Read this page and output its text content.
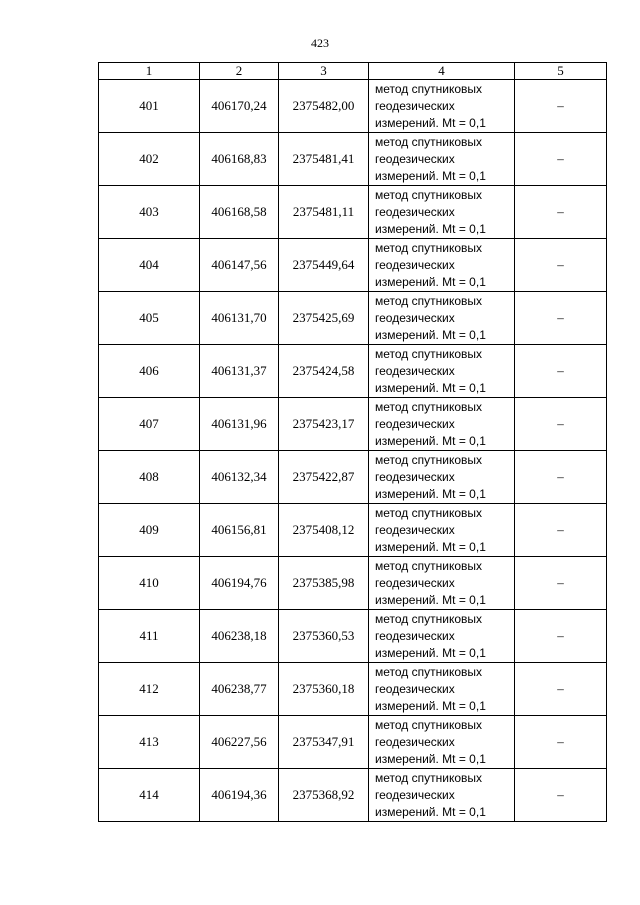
423
1	2	3	4	5
401	406170,24	2375482,00	метод спутниковых
геодезических
измерений. Mt = 0,1	–
402	406168,83	2375481,41	метод спутниковых
геодезических
измерений. Mt = 0,1	–
403	406168,58	2375481,11	метод спутниковых
геодезических
измерений. Mt = 0,1	–
404	406147,56	2375449,64	метод спутниковых
геодезических
измерений. Mt = 0,1	–
405	406131,70	2375425,69	метод спутниковых
геодезических
измерений. Mt = 0,1	–
406	406131,37	2375424,58	метод спутниковых
геодезических
измерений. Mt = 0,1	–
407	406131,96	2375423,17	метод спутниковых
геодезических
измерений. Mt = 0,1	–
408	406132,34	2375422,87	метод спутниковых
геодезических
измерений. Mt = 0,1	–
409	406156,81	2375408,12	метод спутниковых
геодезических
измерений. Mt = 0,1	–
410	406194,76	2375385,98	метод спутниковых
геодезических
измерений. Mt = 0,1	–
411	406238,18	2375360,53	метод спутниковых
геодезических
измерений. Mt = 0,1	–
412	406238,77	2375360,18	метод спутниковых
геодезических
измерений. Mt = 0,1	–
413	406227,56	2375347,91	метод спутниковых
геодезических
измерений. Mt = 0,1	–
414	406194,36	2375368,92	метод спутниковых
геодезических
измерений. Mt = 0,1	–
